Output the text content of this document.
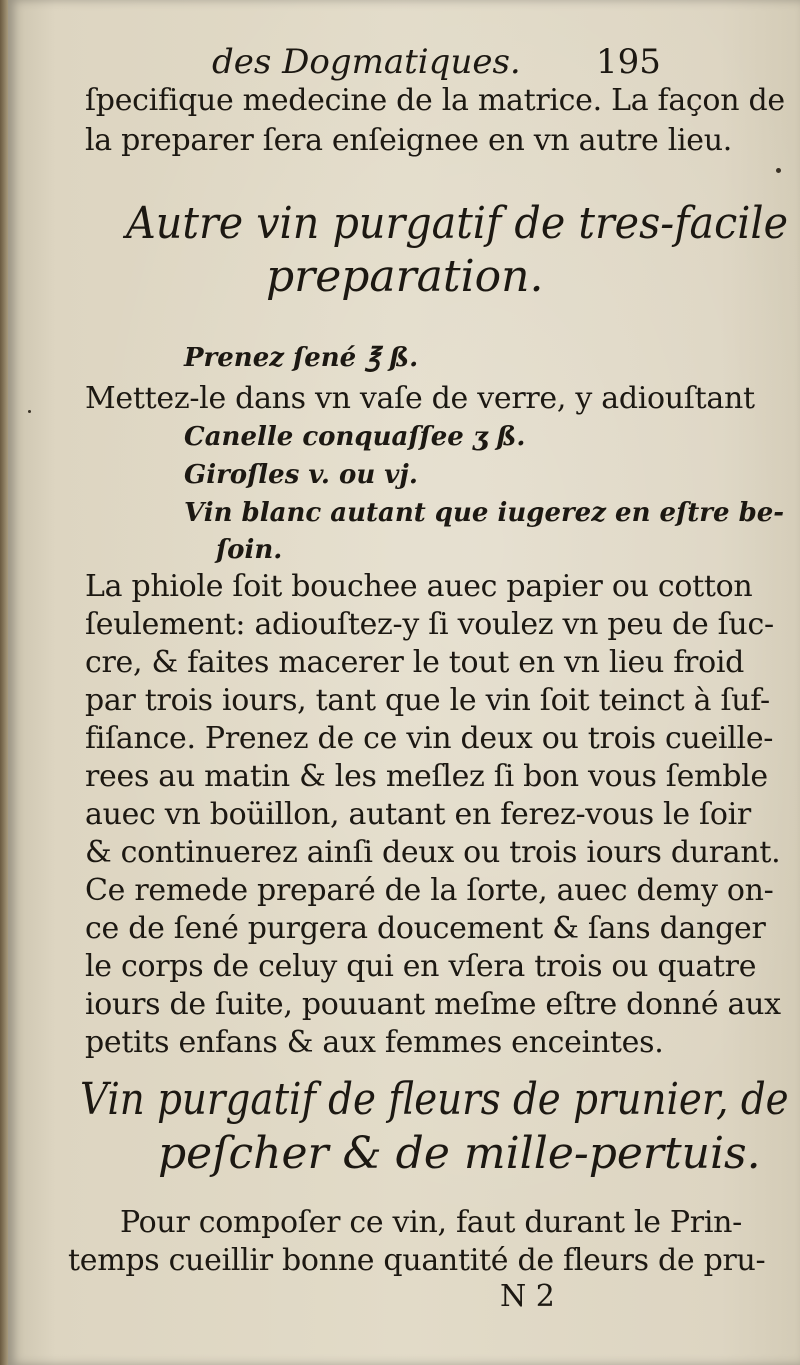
des Dogmatiques. 195
ſpecifique medecine de la matrice. La façon de
la preparer ſera enſeignee en vn autre lieu.
Autre vin purgatif de tres-facile
preparation.
Prenez ſené ℥ ß.
Mettez-le dans vn vaſe de verre, y adiouſtant
Canelle conquaſſee ʒ ß.
Giroſles v. ou vj.
Vin blanc autant que iugerez en eſtre be-
ſoin.
La phiole ſoit bouchee auec papier ou cotton
ſeulement: adiouſtez-y ſi voulez vn peu de ſuc-
cre, & faites macerer le tout en vn lieu froid
par trois iours, tant que le vin ſoit teinct à ſuf-
fiſance. Prenez de ce vin deux ou trois cueille-
rees au matin & les meſlez ſi bon vous ſemble
auec vn boüillon, autant en ferez-vous le ſoir
& continuerez ainſi deux ou trois iours durant.
Ce remede preparé de la ſorte, auec demy on-
ce de ſené purgera doucement & ſans danger
le corps de celuy qui en vſera trois ou quatre
iours de ſuite, pouuant meſme eſtre donné aux
petits enfans & aux femmes enceintes.
Vin purgatif de fleurs de prunier, de
peſcher & de mille-pertuis.
Pour compoſer ce vin, faut durant le Prin-
temps cueillir bonne quantité de fleurs de pru-
N 2
